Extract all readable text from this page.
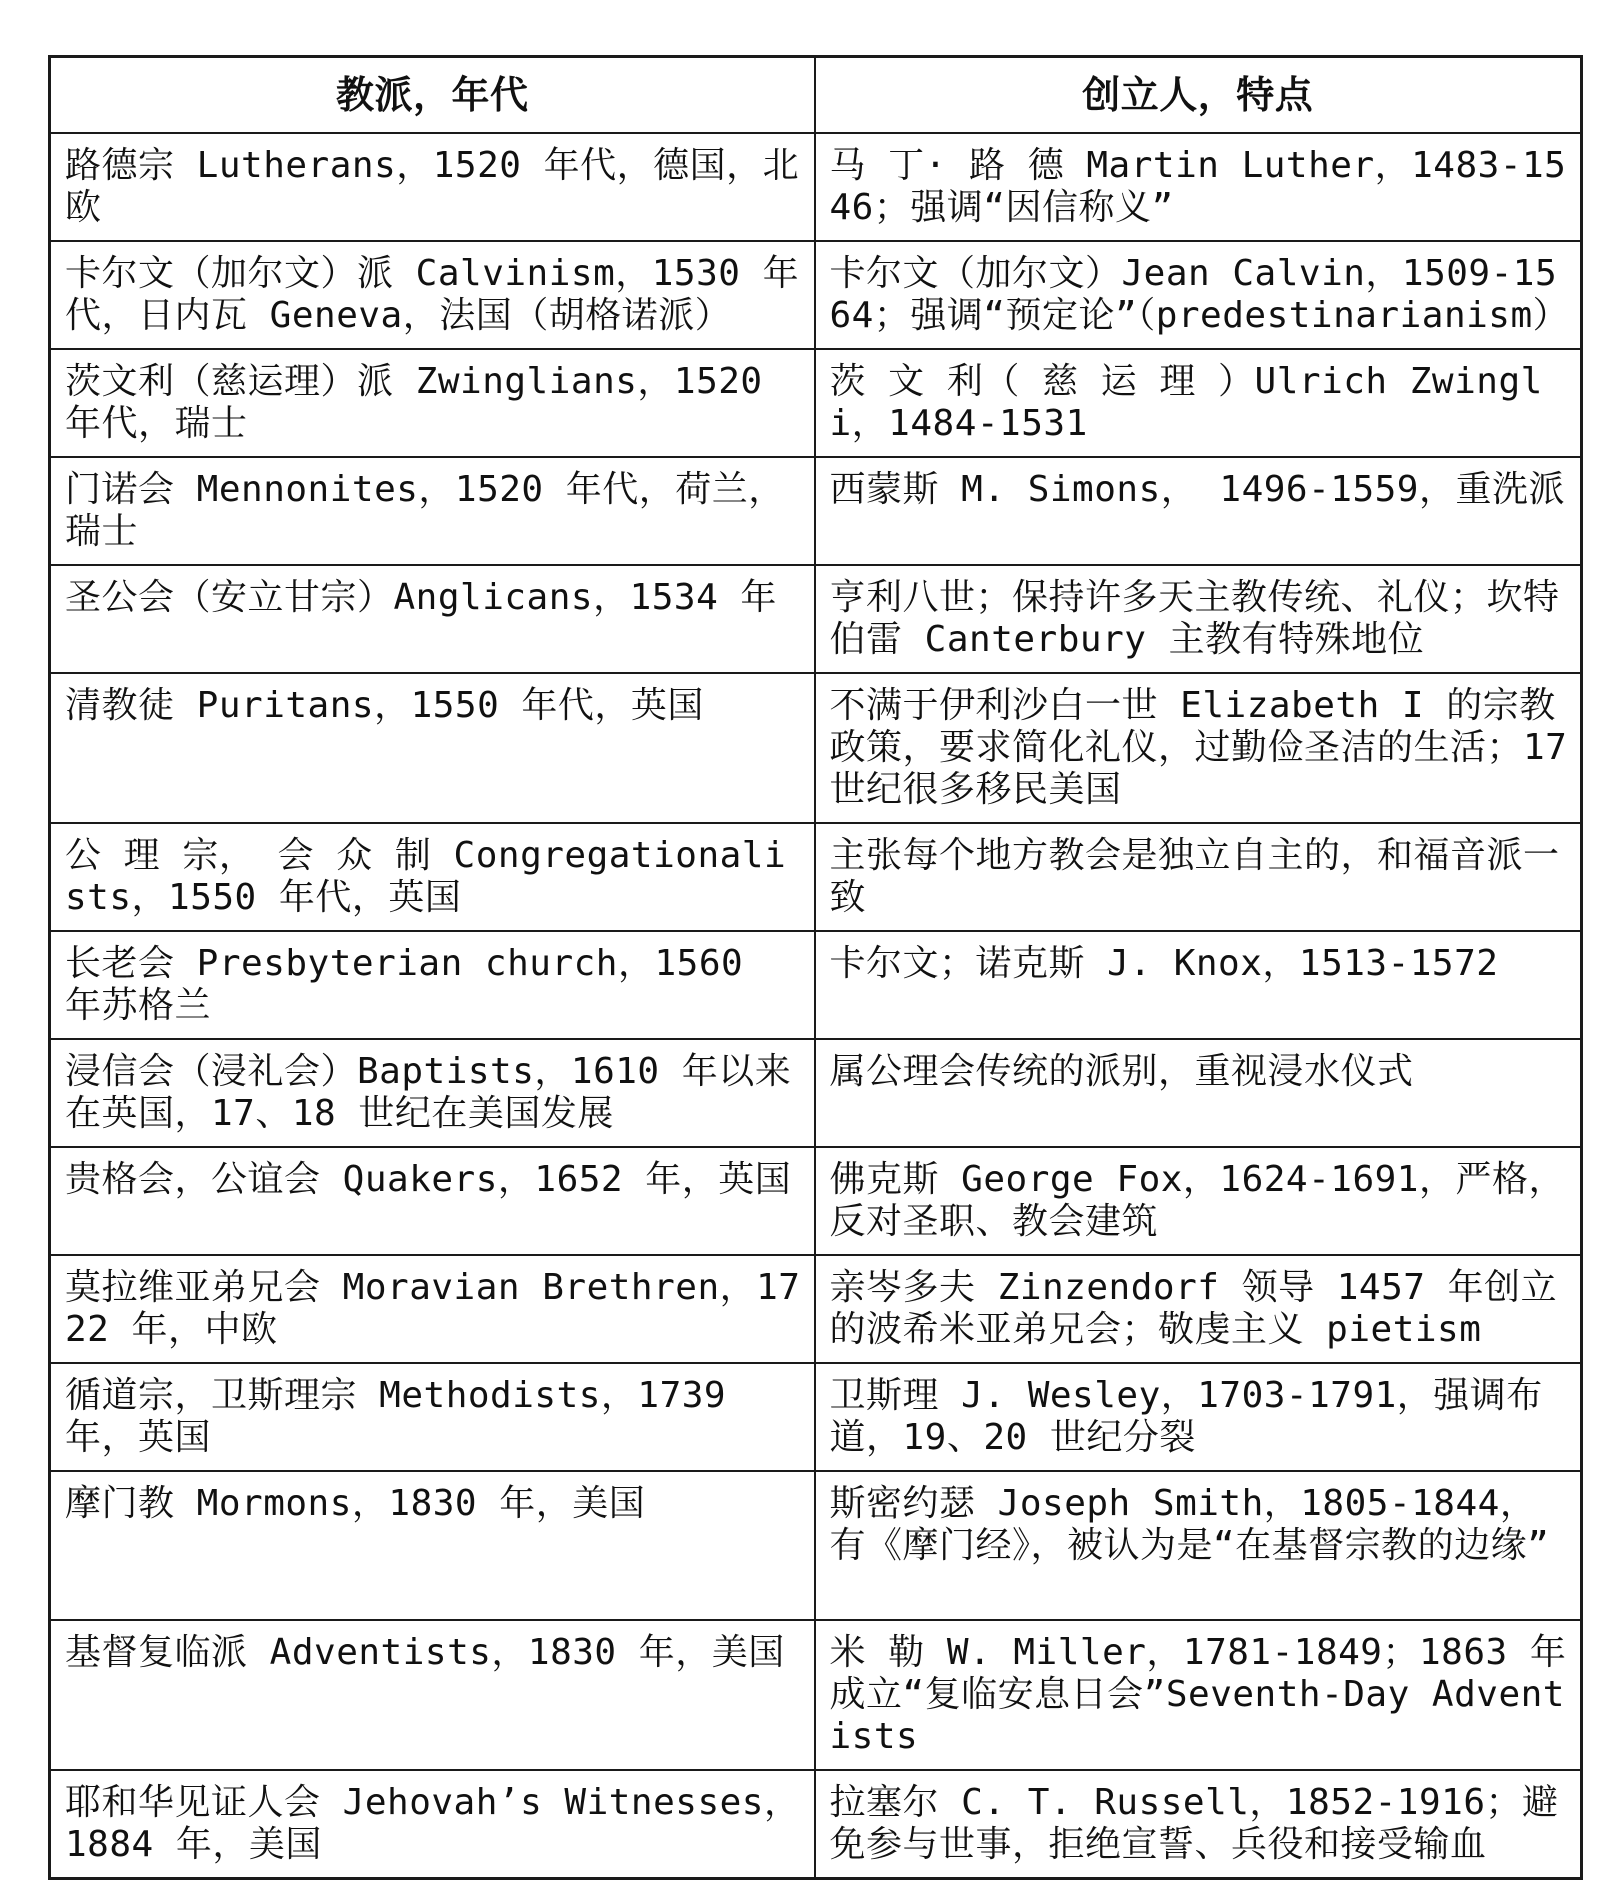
教派，年代	创立人，特点
路德宗 Lutherans，1520 年代，德国，北欧	马 丁· 路 德 Martin Luther，1483-1546；强调“因信称义”
卡尔文（加尔文）派 Calvinism，1530 年代，日内瓦 Geneva，法国（胡格诺派）	卡尔文（加尔文）Jean Calvin，1509-1564；强调“预定论”（predestinarianism）
茨文利（慈运理）派 Zwinglians，1520 年代，瑞士	茨 文 利（ 慈 运 理 ）Ulrich Zwingli，1484-1531
门诺会 Mennonites，1520 年代，荷兰，瑞士	西蒙斯 M. Simons， 1496-1559，重洗派
圣公会（安立甘宗）Anglicans，1534 年	亨利八世；保持许多天主教传统、礼仪；坎特伯雷 Canterbury 主教有特殊地位
清教徒 Puritans，1550 年代，英国	不满于伊利沙白一世 Elizabeth I 的宗教政策，要求简化礼仪，过勤俭圣洁的生活；17 世纪很多移民美国
公 理 宗， 会 众 制 Congregationalists，1550 年代，英国	主张每个地方教会是独立自主的，和福音派一致
长老会 Presbyterian church，1560 年苏格兰	卡尔文；诺克斯 J. Knox，1513-1572
浸信会（浸礼会）Baptists，1610 年以来在英国，17、18 世纪在美国发展	属公理会传统的派别，重视浸水仪式
贵格会，公谊会 Quakers，1652 年，英国	佛克斯 George Fox，1624-1691，严格，反对圣职、教会建筑
莫拉维亚弟兄会 Moravian Brethren，1722 年，中欧	亲岑多夫 Zinzendorf 领导 1457 年创立的波希米亚弟兄会；敬虔主义 pietism
循道宗，卫斯理宗 Methodists，1739 年，英国	卫斯理 J. Wesley，1703-1791，强调布道，19、20 世纪分裂
摩门教 Mormons，1830 年，美国	斯密约瑟 Joseph Smith，1805-1844，有《摩门经》，被认为是“在基督宗教的边缘”
基督复临派 Adventists，1830 年，美国	米 勒 W. Miller，1781-1849；1863 年成立“复临安息日会”Seventh-Day Adventists
耶和华见证人会 Jehovah’s Witnesses，1884 年，美国	拉塞尔 C. T. Russell，1852-1916；避免参与世事，拒绝宣誓、兵役和接受输血
